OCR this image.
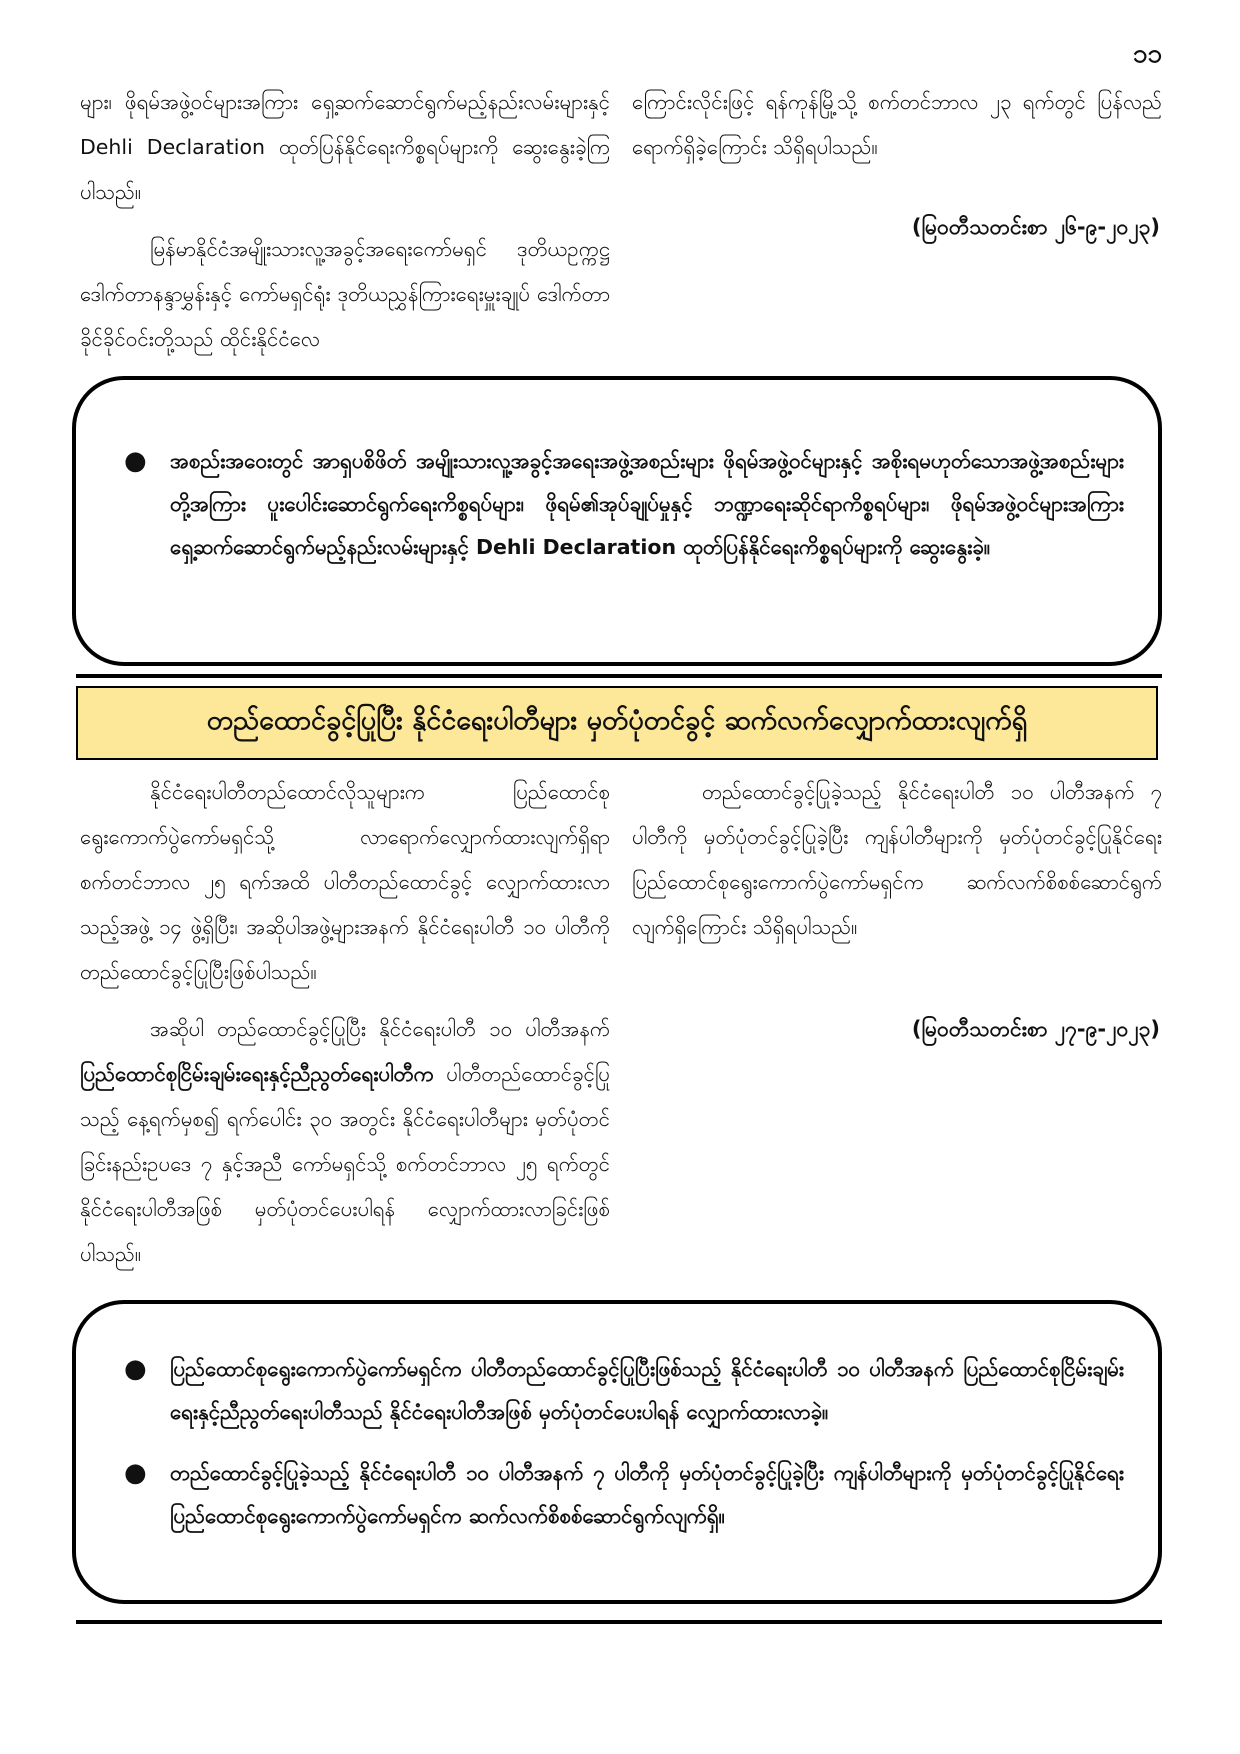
၁၁

များ၊ ဖိုရမ်အဖွဲ့ဝင်များအကြား ရှေ့ဆက်ဆောင်ရွက်မည့်နည်းလမ်းများနှင့် Dehli Declaration ထုတ်ပြန်နိုင်ရေးကိစ္စရပ်များကို ဆွေးနွေးခဲ့ကြပါသည်။

မြန်မာနိုင်ငံအမျိုးသားလူ့အခွင့်အရေးကော်မရှင် ဒုတိယဥက္ကဋ္ဌ ဒေါက်တာနန္ဒာမွှန်းနှင့် ကော်မရှင်ရုံး ဒုတိယညွှန်ကြားရေးမှူးချုပ် ဒေါက်တာခိုင်ခိုင်ဝင်းတို့သည် ထိုင်းနိုင်ငံလေ

ကြောင်းလိုင်းဖြင့် ရန်ကုန်မြို့သို့ စက်တင်ဘာလ ၂၃ ရက်တွင် ပြန်လည်ရောက်ရှိခဲ့ကြောင်း သိရှိရပါသည်။

(မြဝတီသတင်းစာ ၂၆-၉-၂၀၂၃)
● အစည်းအဝေးတွင် အာရှပစိဖိတ် အမျိုးသားလူ့အခွင့်အရေးအဖွဲ့အစည်းများ ဖိုရမ်အဖွဲ့ဝင်များနှင့် အစိုးရမဟုတ်သောအဖွဲ့အစည်းများတို့အကြား ပူးပေါင်းဆောင်ရွက်ရေးကိစ္စရပ်များ၊ ဖိုရမ်၏အုပ်ချုပ်မှုနှင့် ဘဏ္ဍာရေးဆိုင်ရာကိစ္စရပ်များ၊ ဖိုရမ်အဖွဲ့ဝင်များအကြား ရှေ့ဆက်ဆောင်ရွက်မည့်နည်းလမ်းများနှင့် Dehli Declaration ထုတ်ပြန်နိုင်ရေးကိစ္စရပ်များကို ဆွေးနွေးခဲ့။
တည်ထောင်ခွင့်ပြုပြီး နိုင်ငံရေးပါတီများ မှတ်ပုံတင်ခွင့် ဆက်လက်လျှောက်ထားလျက်ရှိ

နိုင်ငံရေးပါတီတည်ထောင်လိုသူများက ပြည်ထောင်စုရွေးကောက်ပွဲကော်မရှင်သို့ လာရောက်လျှောက်ထားလျက်ရှိရာ စက်တင်ဘာလ ၂၅ ရက်အထိ ပါတီတည်ထောင်ခွင့် လျှောက်ထားလာသည့်အဖွဲ့ ၁၄ ဖွဲ့ရှိပြီး၊ အဆိုပါအဖွဲ့များအနက် နိုင်ငံရေးပါတီ ၁၀ ပါတီကို တည်ထောင်ခွင့်ပြုပြီးဖြစ်ပါသည်။

အဆိုပါ တည်ထောင်ခွင့်ပြုပြီး နိုင်ငံရေးပါတီ ၁၀ ပါတီအနက် ပြည်ထောင်စုငြိမ်းချမ်းရေးနှင့်ညီညွတ်ရေးပါတီက ပါတီတည်ထောင်ခွင့်ပြုသည့် နေ့ရက်မှစ၍ ရက်ပေါင်း ၃၀ အတွင်း နိုင်ငံရေးပါတီများ မှတ်ပုံတင်ခြင်းနည်းဥပဒေ ၇ နှင့်အညီ ကော်မရှင်သို့ စက်တင်ဘာလ ၂၅ ရက်တွင် နိုင်ငံရေးပါတီအဖြစ် မှတ်ပုံတင်ပေးပါရန် လျှောက်ထားလာခြင်းဖြစ်ပါသည်။

တည်ထောင်ခွင့်ပြုခဲ့သည့် နိုင်ငံရေးပါတီ ၁၀ ပါတီအနက် ၇ ပါတီကို မှတ်ပုံတင်ခွင့်ပြုခဲ့ပြီး ကျန်ပါတီများကို မှတ်ပုံတင်ခွင့်ပြုနိုင်ရေး ပြည်ထောင်စုရွေးကောက်ပွဲကော်မရှင်က ဆက်လက်စိစစ်ဆောင်ရွက်လျက်ရှိကြောင်း သိရှိရပါသည်။

(မြဝတီသတင်းစာ ၂၇-၉-၂၀၂၃)
● ပြည်ထောင်စုရွေးကောက်ပွဲကော်မရှင်က ပါတီတည်ထောင်ခွင့်ပြုပြီးဖြစ်သည့် နိုင်ငံရေးပါတီ ၁၀ ပါတီအနက် ပြည်ထောင်စုငြိမ်းချမ်းရေးနှင့်ညီညွတ်ရေးပါတီသည် နိုင်ငံရေးပါတီအဖြစ် မှတ်ပုံတင်ပေးပါရန် လျှောက်ထားလာခဲ့။
● တည်ထောင်ခွင့်ပြုခဲ့သည့် နိုင်ငံရေးပါတီ ၁၀ ပါတီအနက် ၇ ပါတီကို မှတ်ပုံတင်ခွင့်ပြုခဲ့ပြီး ကျန်ပါတီများကို မှတ်ပုံတင်ခွင့်ပြုနိုင်ရေး ပြည်ထောင်စုရွေးကောက်ပွဲကော်မရှင်က ဆက်လက်စိစစ်ဆောင်ရွက်လျက်ရှိ။
